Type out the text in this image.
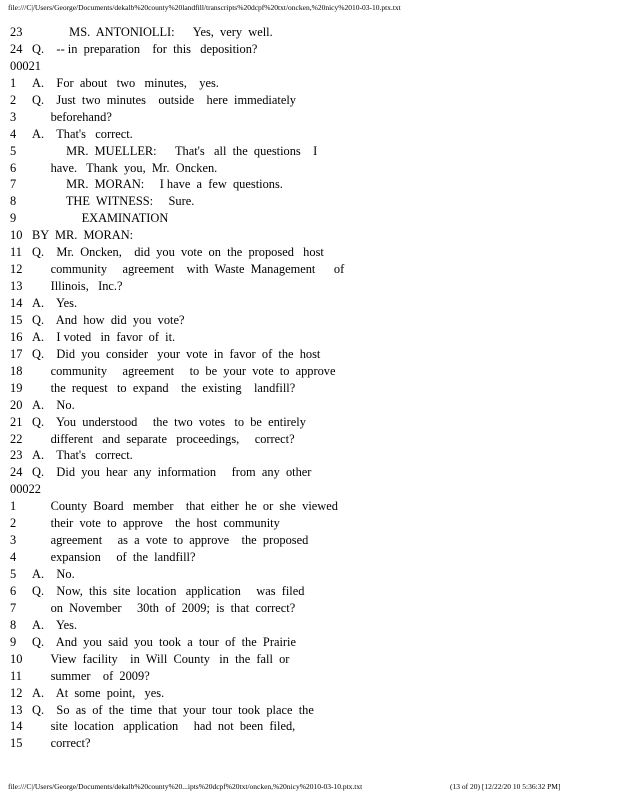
file:///C|/Users/George/Documents/dekalb%20county%20landfill/transcripts%20dcpf%20txt/oncken,%20nicy%2010-03-10.ptx.txt
23            MS.  ANTONIOLLI:      Yes,  very  well.
24 Q.    -- in  preparation    for  this   deposition?
00021
1 A.    For  about   two   minutes,    yes.
2 Q.    Just  two  minutes    outside    here  immediately
3      beforehand?
4 A.    That's   correct.
5           MR.  MUELLER:      That's   all  the  questions    I
6      have.   Thank  you,  Mr.  Oncken.
7           MR.  MORAN:     I have  a  few  questions.
8           THE  WITNESS:     Sure.
9                EXAMINATION
10 BY  MR.  MORAN:
11 Q.    Mr.  Oncken,    did  you  vote  on  the  proposed   host
12      community     agreement    with  Waste  Management      of
13      Illinois,   Inc.?
14 A.    Yes.
15 Q.    And  how  did  you  vote?
16 A.    I voted   in  favor  of  it.
17 Q.    Did  you  consider   your  vote  in  favor  of  the  host
18      community     agreement     to  be  your  vote  to  approve
19      the  request   to  expand    the  existing    landfill?
20 A.    No.
21 Q.    You  understood     the  two  votes   to  be  entirely
22      different   and  separate   proceedings,     correct?
23 A.    That's   correct.
24 Q.    Did  you  hear  any  information     from  any  other
00022
1      County  Board   member    that  either  he  or  she  viewed
2      their  vote  to  approve    the  host  community
3      agreement     as  a  vote  to  approve    the  proposed
4      expansion     of  the  landfill?
5 A.    No.
6 Q.    Now,  this  site  location   application     was  filed
7      on  November     30th  of  2009;  is  that  correct?
8 A.    Yes.
9 Q.    And  you  said  you  took  a  tour  of  the  Prairie
10      View  facility    in  Will  County   in  the  fall  or
11      summer    of  2009?
12 A.    At  some  point,   yes.
13 Q.    So  as  of  the  time  that  your  tour  took  place  the
14      site  location   application     had  not  been  filed,
15      correct?
file:///C|/Users/George/Documents/dekalb%20county%20...ipts%20dcpf%20txt/oncken,%20nicy%2010-03-10.ptx.txt	(13 of 20) [12/22/20 10 5:36:32 PM]
